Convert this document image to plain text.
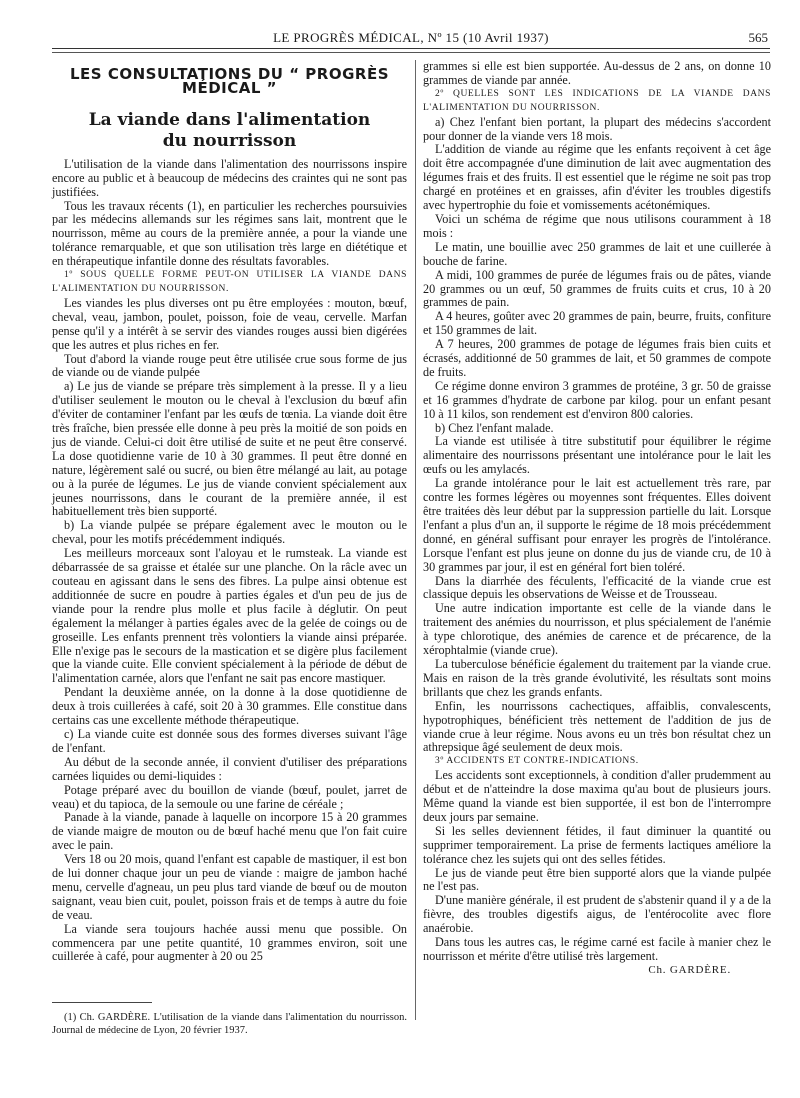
LE PROGRÈS MÉDICAL, Nº 15 (10 Avril 1937)	565
LES CONSULTATIONS DU “ PROGRÈS MÉDICAL ”
La viande dans l'alimentation
du nourrisson

L'utilisation de la viande dans l'alimentation des nourrissons inspire encore au public et à beaucoup de médecins des craintes qui ne sont pas justifiées.

Tous les travaux récents (1), en particulier les recherches poursuivies par les médecins allemands sur les régimes sans lait, montrent que le nourrisson, même au cours de la première année, a pour la viande une tolérance remarquable, et que son utilisation très large en diététique et en thérapeutique infantile donne des résultats favorables.

1º SOUS QUELLE FORME PEUT-ON UTILISER LA VIANDE DANS L'ALIMENTATION DU NOURRISSON.

Les viandes les plus diverses ont pu être employées : mouton, bœuf, cheval, veau, jambon, poulet, poisson, foie de veau, cervelle. Marfan pense qu'il y a intérêt à se servir des viandes rouges aussi bien digérées que les autres et plus riches en fer.

Tout d'abord la viande rouge peut être utilisée crue sous forme de jus de viande ou de viande pulpée

a) Le jus de viande se prépare très simplement à la presse. Il y a lieu d'utiliser seulement le mouton ou le cheval à l'exclusion du bœuf afin d'éviter de contaminer l'enfant par les œufs de tœnia. La viande doit être très fraîche, bien pressée elle donne à peu près la moitié de son poids en jus de viande. Celui-ci doit être utilisé de suite et ne peut être conservé. La dose quotidienne varie de 10 à 30 grammes. Il peut être donné en nature, légèrement salé ou sucré, ou bien être mélangé au lait, au potage ou à la purée de légumes. Le jus de viande convient spécialement aux jeunes nourrissons, dans le courant de la première année, il est habituellement très bien supporté.

b) La viande pulpée se prépare également avec le mouton ou le cheval, pour les motifs précédemment indiqués.

Les meilleurs morceaux sont l'aloyau et le rumsteak. La viande est débarrassée de sa graisse et étalée sur une planche. On la râcle avec un couteau en agissant dans le sens des fibres. La pulpe ainsi obtenue est additionnée de sucre en poudre à parties égales et d'un peu de jus de viande pour la rendre plus molle et plus facile à déglutir. On peut également la mélanger à parties égales avec de la gelée de coings ou de groseille. Les enfants prennent très volontiers la viande ainsi préparée. Elle n'exige pas le secours de la mastication et se digère plus facilement que la viande cuite. Elle convient spécialement à la période de début de l'alimentation carnée, alors que l'enfant ne sait pas encore mastiquer.

Pendant la deuxième année, on la donne à la dose quotidienne de deux à trois cuillerées à café, soit 20 à 30 grammes. Elle constitue dans certains cas une excellente méthode thérapeutique.

c) La viande cuite est donnée sous des formes diverses suivant l'âge de l'enfant.

Au début de la seconde année, il convient d'utiliser des préparations carnées liquides ou demi-liquides :

Potage préparé avec du bouillon de viande (bœuf, poulet, jarret de veau) et du tapioca, de la semoule ou une farine de céréale ;

Panade à la viande, panade à laquelle on incorpore 15 à 20 grammes de viande maigre de mouton ou de bœuf haché menu que l'on fait cuire avec le pain.

Vers 18 ou 20 mois, quand l'enfant est capable de mastiquer, il est bon de lui donner chaque jour un peu de viande : maigre de jambon haché menu, cervelle d'agneau, un peu plus tard viande de bœuf ou de mouton saignant, veau bien cuit, poulet, poisson frais et de temps à autre du foie de veau.

La viande sera toujours hachée aussi menu que possible. On commencera par une petite quantité, 10 grammes environ, soit une cuillerée à café, pour augmenter à 20 ou 25

grammes si elle est bien supportée. Au-dessus de 2 ans, on donne 10 grammes de viande par année.

2º QUELLES SONT LES INDICATIONS DE LA VIANDE DANS L'ALIMENTATION DU NOURRISSON.

a) Chez l'enfant bien portant, la plupart des médecins s'accordent pour donner de la viande vers 18 mois.

L'addition de viande au régime que les enfants reçoivent à cet âge doit être accompagnée d'une diminution de lait avec augmentation des légumes frais et des fruits. Il est essentiel que le régime ne soit pas trop chargé en protéines et en graisses, afin d'éviter les troubles digestifs avec hypertrophie du foie et vomissements acétonémiques.

Voici un schéma de régime que nous utilisons couramment à 18 mois :

Le matin, une bouillie avec 250 grammes de lait et une cuillerée à bouche de farine.

A midi, 100 grammes de purée de légumes frais ou de pâtes, viande 20 grammes ou un œuf, 50 grammes de fruits cuits et crus, 10 à 20 grammes de pain.

A 4 heures, goûter avec 20 grammes de pain, beurre, fruits, confiture et 150 grammes de lait.

A 7 heures, 200 grammes de potage de légumes frais bien cuits et écrasés, additionné de 50 grammes de lait, et 50 grammes de compote de fruits.

Ce régime donne environ 3 grammes de protéine, 3 gr. 50 de graisse et 16 grammes d'hydrate de carbone par kilog. pour un enfant pesant 10 à 11 kilos, son rendement est d'environ 800 calories.

b) Chez l'enfant malade.

La viande est utilisée à titre substitutif pour équilibrer le régime alimentaire des nourrissons présentant une intolérance pour le lait les œufs ou les amylacés.

La grande intolérance pour le lait est actuellement très rare, par contre les formes légères ou moyennes sont fréquentes. Elles doivent être traitées dès leur début par la suppression partielle du lait. Lorsque l'enfant a plus d'un an, il supporte le régime de 18 mois précédemment donné, en général suffisant pour enrayer les progrès de l'intolérance. Lorsque l'enfant est plus jeune on donne du jus de viande cru, de 10 à 30 grammes par jour, il est en général fort bien toléré.

Dans la diarrhée des féculents, l'efficacité de la viande crue est classique depuis les observations de Weisse et de Trousseau.

Une autre indication importante est celle de la viande dans le traitement des anémies du nourrisson, et plus spécialement de l'anémie à type chlorotique, des anémies de carence et de précarence, de la xérophtalmie (viande crue).

La tuberculose bénéficie également du traitement par la viande crue. Mais en raison de la très grande évolutivité, les résultats sont moins brillants que chez les grands enfants.

Enfin, les nourrissons cachectiques, affaiblis, convalescents, hypotrophiques, bénéficient très nettement de l'addition de jus de viande crue à leur régime. Nous avons eu un très bon résultat chez un athrepsique âgé seulement de deux mois.

3º ACCIDENTS ET CONTRE-INDICATIONS.

Les accidents sont exceptionnels, à condition d'aller prudemment au début et de n'atteindre la dose maxima qu'au bout de plusieurs jours. Même quand la viande est bien supportée, il est bon de l'interrompre deux jours par semaine.

Si les selles deviennent fétides, il faut diminuer la quantité ou supprimer temporairement. La prise de ferments lactiques améliore la tolérance chez les sujets qui ont des selles fétides.

Le jus de viande peut être bien supporté alors que la viande pulpée ne l'est pas.

D'une manière générale, il est prudent de s'abstenir quand il y a de la fièvre, des troubles digestifs aigus, de l'entérocolite avec flore anaérobie.

Dans tous les autres cas, le régime carné est facile à manier chez le nourrisson et mérite d'être utilisé très largement.

Ch. GARDÈRE.

(1) Ch. GARDÈRE. L'utilisation de la viande dans l'alimentation du nourrisson. Journal de médecine de Lyon, 20 février 1937.
